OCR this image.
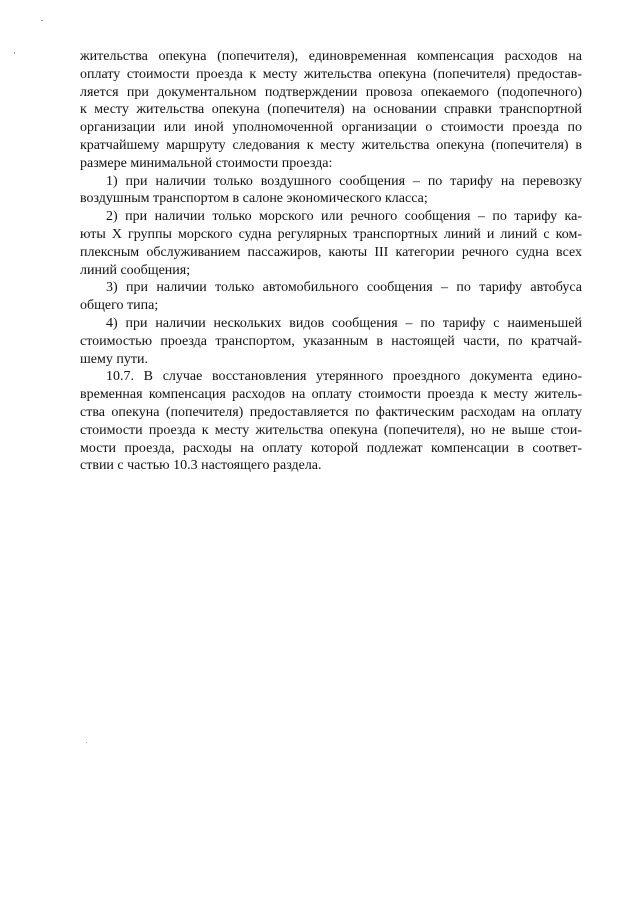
жительства опекуна (попечителя), единовременная компенсация расходов на
оплату стоимости проезда к месту жительства опекуна (попечителя) предостав-
ляется при документальном подтверждении провоза опекаемого (подопечного)
к месту жительства опекуна (попечителя) на основании справки транспортной
организации или иной уполномоченной организации о стоимости проезда по
кратчайшему маршруту следования к месту жительства опекуна (попечителя) в
размере минимальной стоимости проезда:
1) при наличии только воздушного сообщения – по тарифу на перевозку
воздушным транспортом в салоне экономического класса;
2) при наличии только морского или речного сообщения – по тарифу ка-
юты X группы морского судна регулярных транспортных линий и линий с ком-
плексным обслуживанием пассажиров, каюты III категории речного судна всех
линий сообщения;
3) при наличии только автомобильного сообщения – по тарифу автобуса
общего типа;
4) при наличии нескольких видов сообщения – по тарифу с наименьшей
стоимостью проезда транспортом, указанным в настоящей части, по кратчай-
шему пути.
10.7. В случае восстановления утерянного проездного документа едино-
временная компенсация расходов на оплату стоимости проезда к месту житель-
ства опекуна (попечителя) предоставляется по фактическим расходам на оплату
стоимости проезда к месту жительства опекуна (попечителя), но не выше стои-
мости проезда, расходы на оплату которой подлежат компенсации в соответ-
ствии с частью 10.3 настоящего раздела.
